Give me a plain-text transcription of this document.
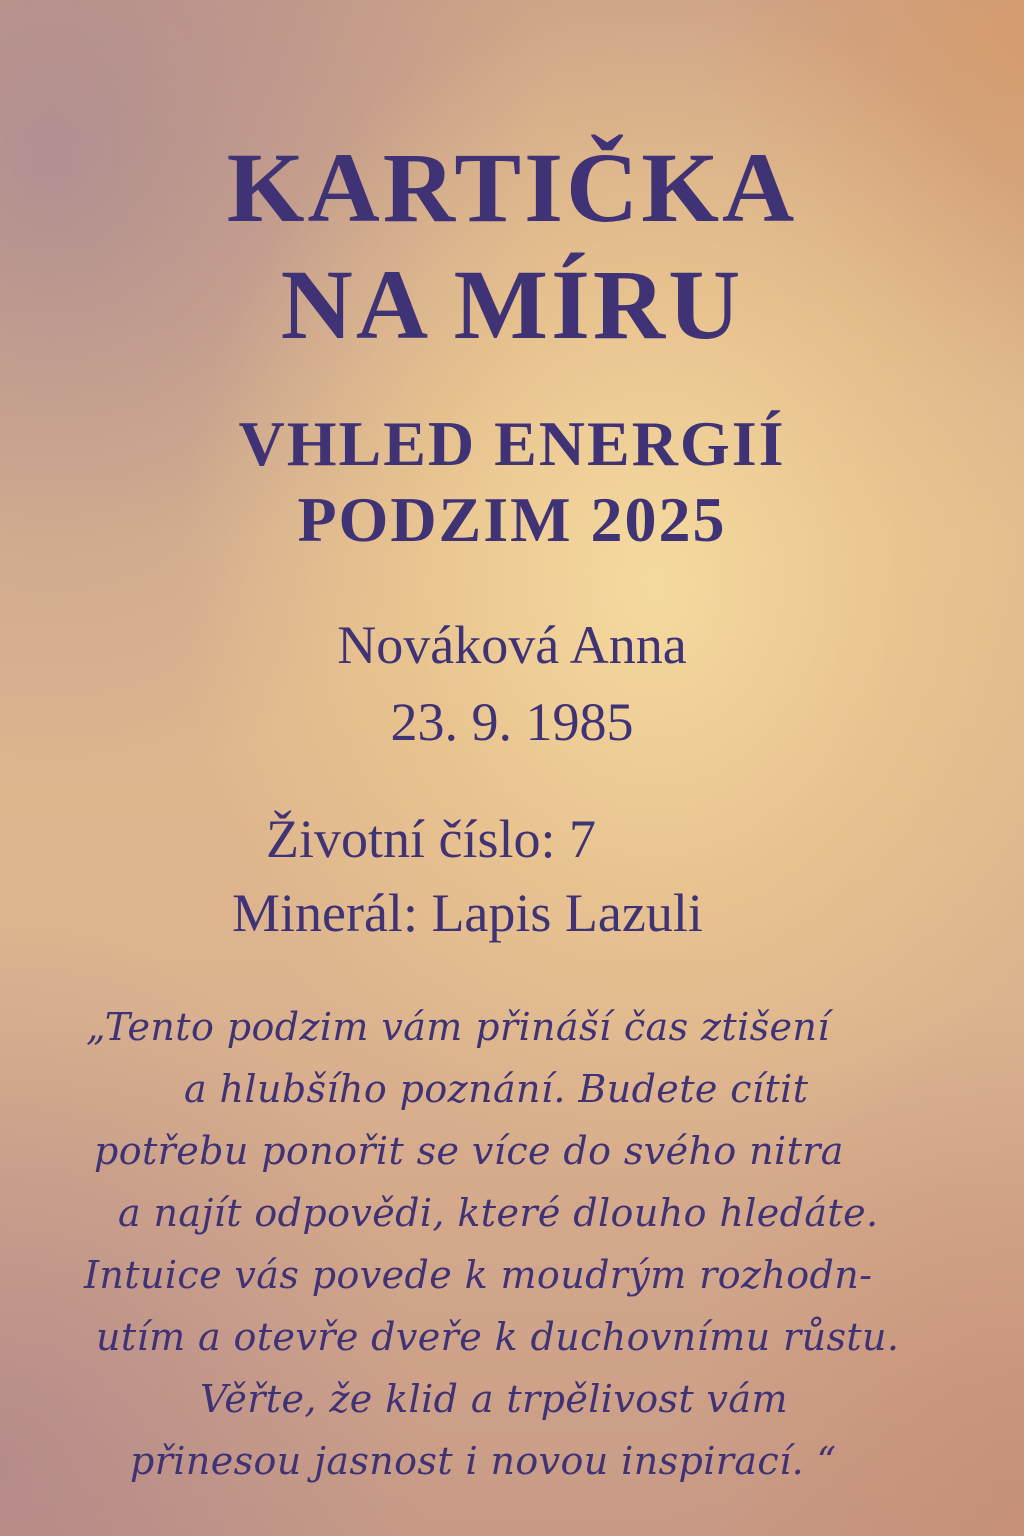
KARTIČKA
NA MÍRU
VHLED ENERGIÍ
PODZIM 2025
Nováková Anna
23. 9. 1985
Životní číslo: 7
Minerál: Lapis Lazuli
„Tento podzim vám přináší čas ztišení
a hlubšího poznání. Budete cítit
potřebu ponořit se více do svého nitra
a najít odpovědi, které dlouho hledáte.
Intuice vás povede k moudrým rozhodn-
utím a otevře dveře k duchovnímu růstu.
Věřte, že klid a trpělivost vám
přinesou jasnost i novou inspirací. “
